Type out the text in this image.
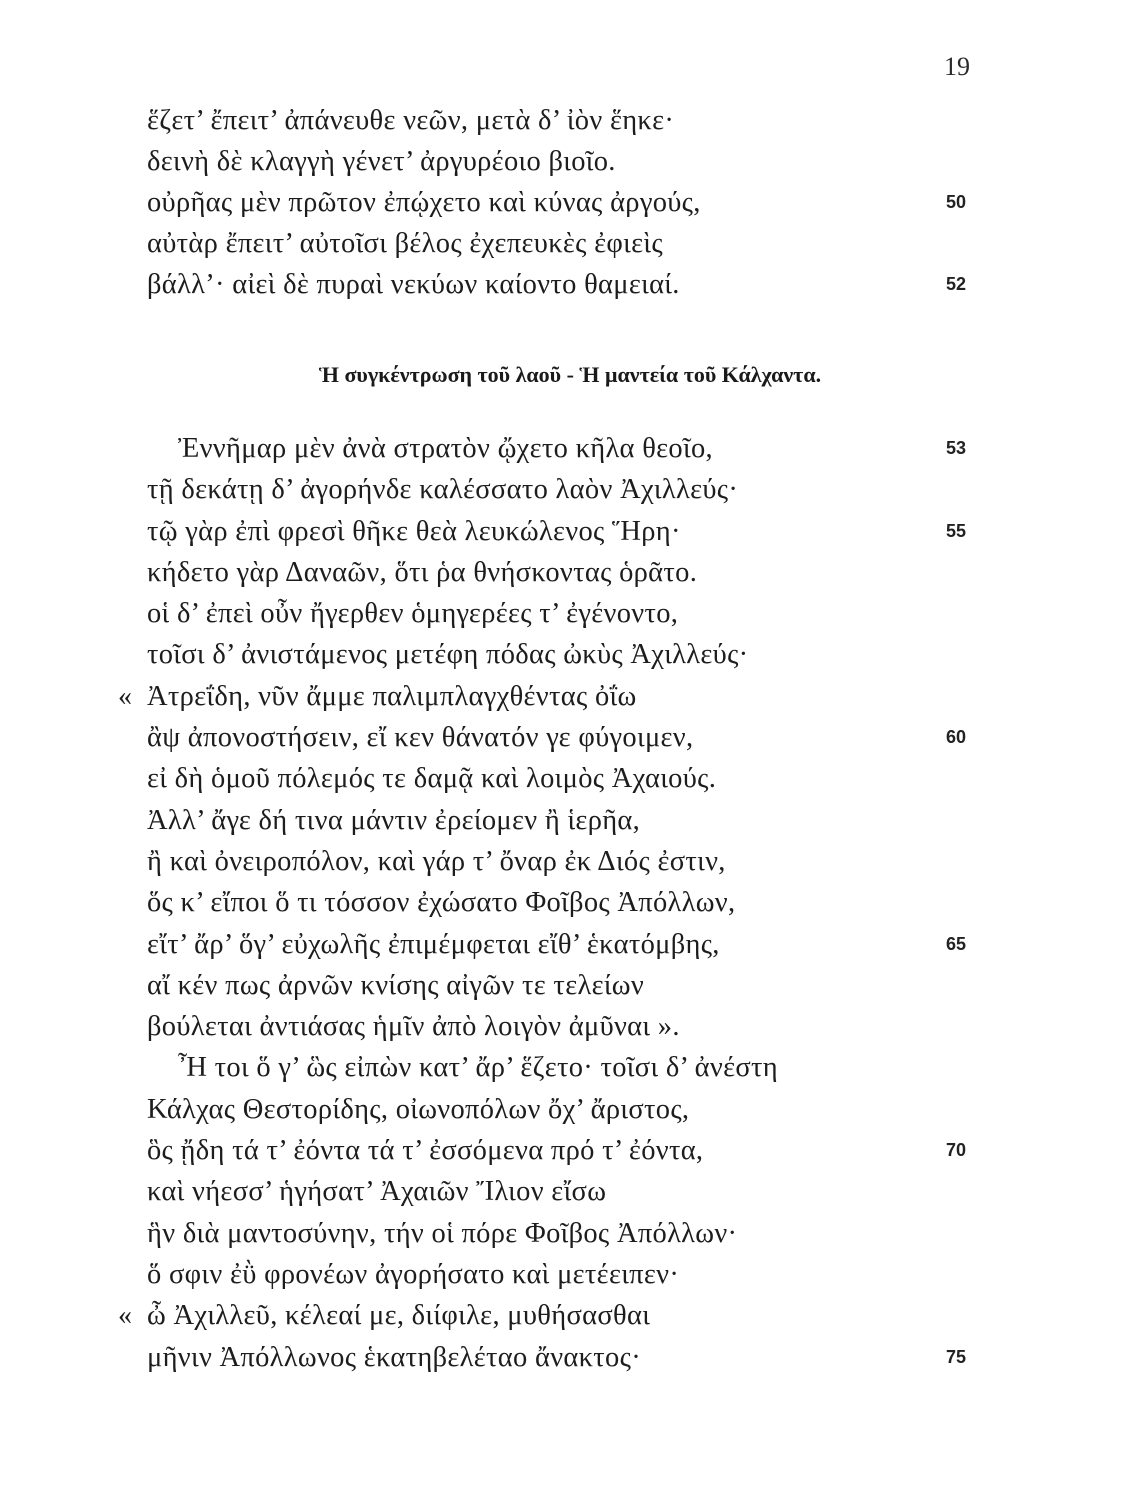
19
ἕζετ’ ἔπειτ’ ἀπάνευθε νεῶν, μετὰ δ’ ἰὸν ἕηκε·
δεινὴ δὲ κλαγγὴ γένετ’ ἀργυρέοιο βιοῖο.
οὐρῆας μὲν πρῶτον ἐπῴχετο καὶ κύνας ἀργούς,	50
αὐτὰρ ἔπειτ’ αὐτοῖσι βέλος ἐχεπευκὲς ἐφιεὶς
βάλλ’· αἰεὶ δὲ πυραὶ νεκύων καίοντο θαμειαί.	52
Ἡ συγκέντρωση τοῦ λαοῦ - Ἡ μαντεία τοῦ Κάλχαντα.
Ἐννῆμαρ μὲν ἀνὰ στρατὸν ᾤχετο κῆλα θεοῖο,	53
τῇ δεκάτῃ δ’ ἀγορήνδε καλέσσατο λαὸν Ἀχιλλεύς·
τῷ γὰρ ἐπὶ φρεσὶ θῆκε θεὰ λευκώλενος Ἥρη·	55
κήδετο γὰρ Δαναῶν, ὅτι ῥα θνήσκοντας ὁρᾶτο.
οἱ δ’ ἐπεὶ οὖν ἤγερθεν ὁμηγερέες τ’ ἐγένοντο,
τοῖσι δ’ ἀνιστάμενος μετέφη πόδας ὠκὺς Ἀχιλλεύς·
« Ἀτρεΐδη, νῦν ἄμμε παλιμπλαγχθέντας ὀΐω
ἂψ ἀπονοστήσειν, εἴ κεν θάνατόν γε φύγοιμεν,	60
εἰ δὴ ὁμοῦ πόλεμός τε δαμᾷ καὶ λοιμὸς Ἀχαιούς.
Ἀλλ’ ἄγε δή τινα μάντιν ἐρείομεν ἢ ἱερῆα,
ἢ καὶ ὀνειροπόλον, καὶ γάρ τ’ ὄναρ ἐκ Διός ἐστιν,
ὅς κ’ εἴποι ὅ τι τόσσον ἐχώσατο Φοῖβος Ἀπόλλων,
εἴτ’ ἄρ’ ὅγ’ εὐχωλῆς ἐπιμέμφεται εἴθ’ ἑκατόμβης,	65
αἴ κέν πως ἀρνῶν κνίσης αἰγῶν τε τελείων
βούλεται ἀντιάσας ἡμῖν ἀπὸ λοιγὸν ἀμῦναι ».
Ἦ τοι ὅ γ’ ὣς εἰπὼν κατ’ ἄρ’ ἕζετο· τοῖσι δ’ ἀνέστη
Κάλχας Θεστορίδης, οἰωνοπόλων ὄχ’ ἄριστος,
ὃς ᾔδη τά τ’ ἐόντα τά τ’ ἐσσόμενα πρό τ’ ἐόντα,	70
καὶ νήεσσ’ ἡγήσατ’ Ἀχαιῶν Ἴλιον εἴσω
ἣν διὰ μαντοσύνην, τήν οἱ πόρε Φοῖβος Ἀπόλλων·
ὅ σφιν ἐῢ φρονέων ἀγορήσατο καὶ μετέειπεν·
« ὦ Ἀχιλλεῦ, κέλεαί με, διίφιλε, μυθήσασθαι
μῆνιν Ἀπόλλωνος ἑκατηβελέταο ἄνακτος·	75
